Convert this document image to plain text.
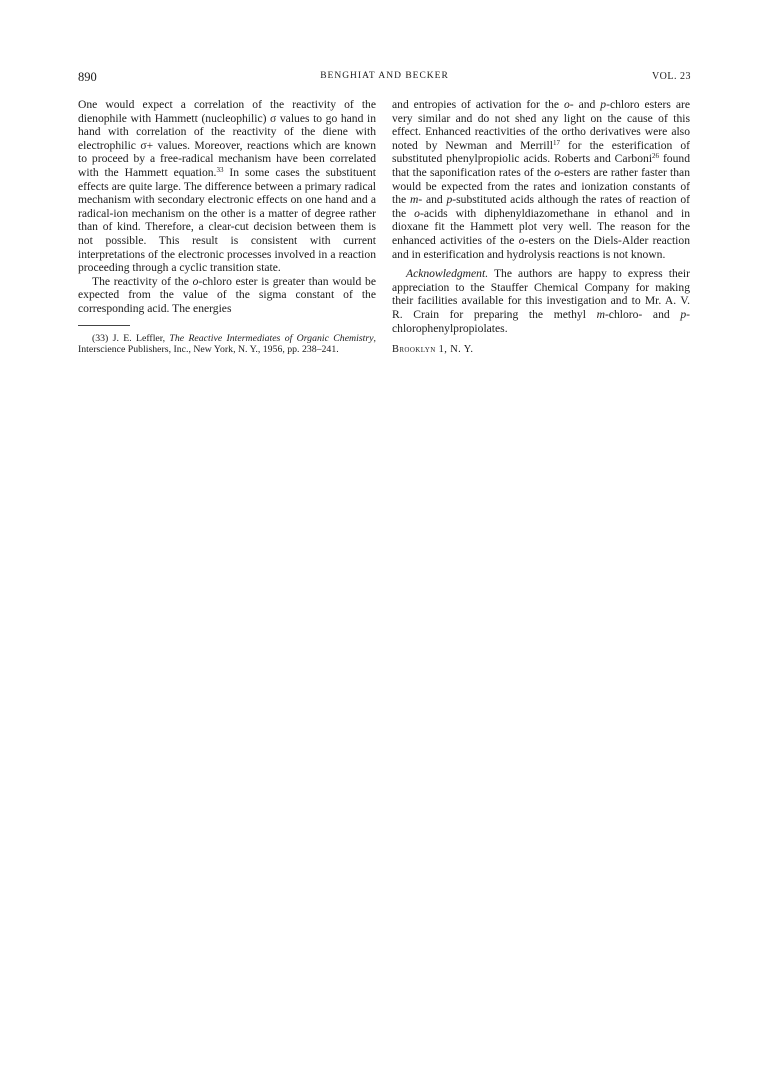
890	BENGHIAT AND BECKER	VOL. 23

One would expect a correlation of the reactivity of the dienophile with Hammett (nucleophilic) σ values to go hand in hand with correlation of the reactivity of the diene with electrophilic σ+ values. Moreover, reactions which are known to proceed by a free-radical mechanism have been correlated with the Hammett equation.$^{33}$ In some cases the substituent effects are quite large. The difference between a primary radical mechanism with secondary electronic effects on one hand and a radical-ion mechanism on the other is a matter of degree rather than of kind. Therefore, a clear-cut decision between them is not possible. This result is consistent with current interpretations of the electronic processes involved in a reaction proceeding through a cyclic transition state.

The reactivity of the o-chloro ester is greater than would be expected from the value of the sigma constant of the corresponding acid. The energies

(33) J. E. Leffler, The Reactive Intermediates of Organic Chemistry, Interscience Publishers, Inc., New York, N. Y., 1956, pp. 238–241.

and entropies of activation for the o- and p-chloro esters are very similar and do not shed any light on the cause of this effect. Enhanced reactivities of the ortho derivatives were also noted by Newman and Merrill$^{17}$ for the esterification of substituted phenylpropiolic acids. Roberts and Carboni$^{26}$ found that the saponification rates of the o-esters are rather faster than would be expected from the rates and ionization constants of the m- and p-substituted acids although the rates of reaction of the o-acids with diphenyldiazomethane in ethanol and in dioxane fit the Hammett plot very well. The reason for the enhanced activities of the o-esters on the Diels-Alder reaction and in esterification and hydrolysis reactions is not known.

Acknowledgment. The authors are happy to express their appreciation to the Stauffer Chemical Company for making their facilities available for this investigation and to Mr. A. V. R. Crain for preparing the methyl m-chloro- and p-chlorophenylpropiolates.

Brooklyn 1, N. Y.
